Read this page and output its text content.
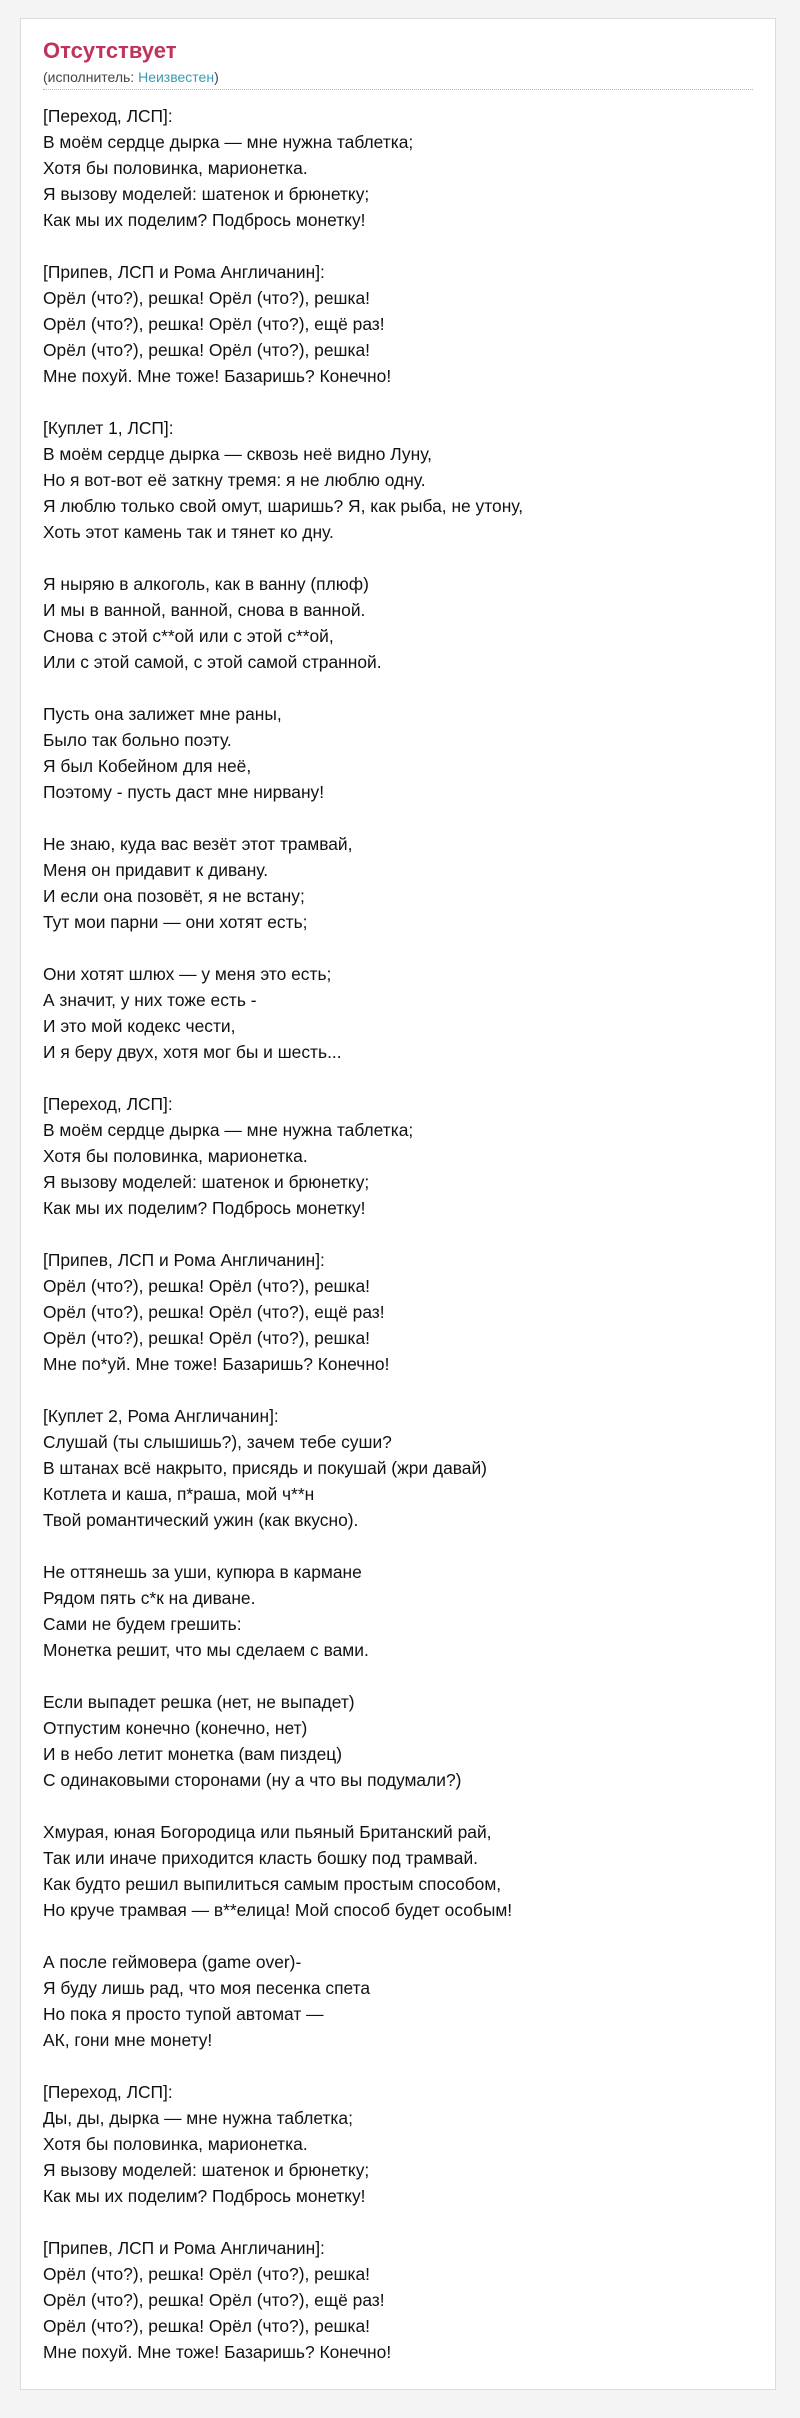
Отсутствует
(исполнитель: Неизвестен)
[Переход, ЛСП]:
В моём сердце дырка — мне нужна таблетка;
Хотя бы половинка, марионетка.
Я вызову моделей: шатенок и брюнетку;
Как мы их поделим? Подбрось монетку!
[Припев, ЛСП и Рома Англичанин]:
Орёл (что?), решка! Орёл (что?), решка!
Орёл (что?), решка! Орёл (что?), ещё раз!
Орёл (что?), решка! Орёл (что?), решка!
Мне похуй. Мне тоже! Базаришь? Конечно!
[Куплет 1, ЛСП]:
В моём сердце дырка — сквозь неё видно Луну,
Но я вот-вот её заткну тремя: я не люблю одну.
Я люблю только свой омут, шаришь? Я, как рыба, не утону,
Хоть этот камень так и тянет ко дну.
Я ныряю в алкоголь, как в ванну (плюф)
И мы в ванной, ванной, снова в ванной.
Снова с этой с**ой или с этой с**ой,
Или с этой самой, с этой самой странной.
Пусть она залижет мне раны,
Было так больно поэту.
Я был Кобейном для неё,
Поэтому - пусть даст мне нирвану!
Не знаю, куда вас везёт этот трамвай,
Меня он придавит к дивану.
И если она позовёт, я не встану;
Тут мои парни — они хотят есть;
Они хотят шлюх — у меня это есть;
А значит, у них тоже есть -
И это мой кодекс чести,
И я беру двух, хотя мог бы и шесть...
[Переход, ЛСП]:
В моём сердце дырка — мне нужна таблетка;
Хотя бы половинка, марионетка.
Я вызову моделей: шатенок и брюнетку;
Как мы их поделим? Подбрось монетку!
[Припев, ЛСП и Рома Англичанин]:
Орёл (что?), решка! Орёл (что?), решка!
Орёл (что?), решка! Орёл (что?), ещё раз!
Орёл (что?), решка! Орёл (что?), решка!
Мне по*уй. Мне тоже! Базаришь? Конечно!
[Куплет 2, Рома Англичанин]:
Слушай (ты слышишь?), зачем тебе суши?
В штанах всё накрыто, присядь и покушай (жри давай)
Котлета и каша, п*раша, мой ч**н
Твой романтический ужин (как вкусно).
Не оттянешь за уши, купюра в кармане
Рядом пять с*к на диване.
Сами не будем грешить:
Монетка решит, что мы сделаем с вами.
Если выпадет решка (нет, не выпадет)
Отпустим конечно (конечно, нет)
И в небо летит монетка (вам пиздец)
С одинаковыми сторонами (ну а что вы подумали?)
Хмурая, юная Богородица или пьяный Британский рай,
Так или иначе приходится класть бошку под трамвай.
Как будто решил выпилиться самым простым способом,
Но круче трамвая — в**елица! Мой способ будет особым!
А после геймовера (game over)-
Я буду лишь рад, что моя песенка спета
Но пока я просто тупой автомат —
АК, гони мне монету!
[Переход, ЛСП]:
Ды, ды, дырка — мне нужна таблетка;
Хотя бы половинка, марионетка.
Я вызову моделей: шатенок и брюнетку;
Как мы их поделим? Подбрось монетку!
[Припев, ЛСП и Рома Англичанин]:
Орёл (что?), решка! Орёл (что?), решка!
Орёл (что?), решка! Орёл (что?), ещё раз!
Орёл (что?), решка! Орёл (что?), решка!
Мне похуй. Мне тоже! Базаришь? Конечно!
